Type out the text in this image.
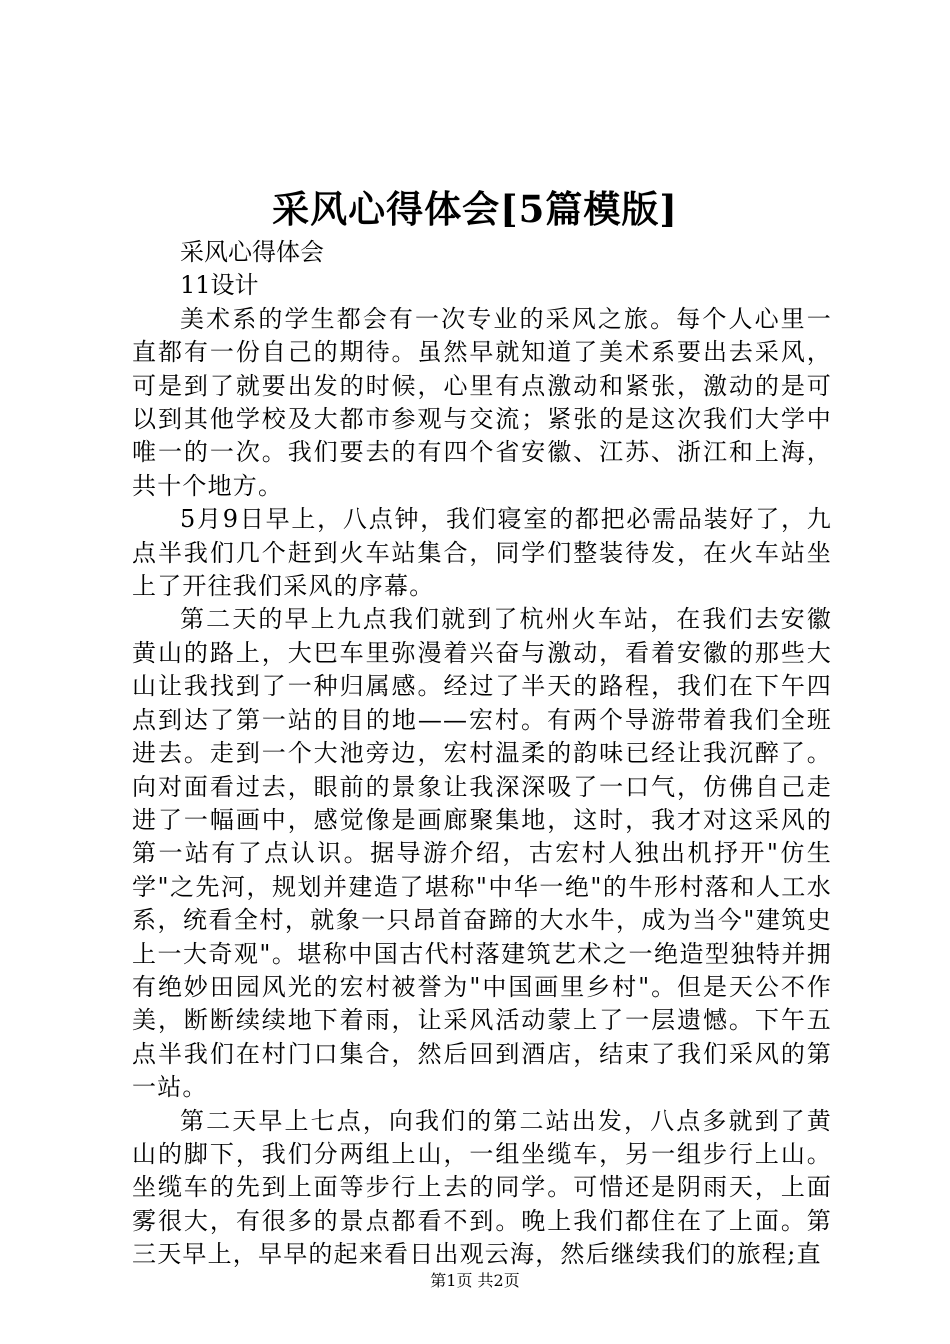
采风心得体会[5篇模版]

采风心得体会

11设计

美术系的学生都会有一次专业的采风之旅。每个人心里一直都有一份自己的期待。虽然早就知道了美术系要出去采风，可是到了就要出发的时候，心里有点激动和紧张，激动的是可以到其他学校及大都市参观与交流；紧张的是这次我们大学中唯一的一次。我们要去的有四个省安徽、江苏、浙江和上海，共十个地方。

5月9日早上，八点钟，我们寝室的都把必需品装好了，九点半我们几个赶到火车站集合，同学们整装待发，在火车站坐上了开往我们采风的序幕。

第二天的早上九点我们就到了杭州火车站，在我们去安徽黄山的路上，大巴车里弥漫着兴奋与激动，看着安徽的那些大山让我找到了一种归属感。经过了半天的路程，我们在下午四点到达了第一站的目的地——宏村。有两个导游带着我们全班进去。走到一个大池旁边，宏村温柔的韵味已经让我沉醉了。向对面看过去，眼前的景象让我深深吸了一口气，仿佛自己走进了一幅画中，感觉像是画廊聚集地，这时，我才对这采风的第一站有了点认识。据导游介绍，古宏村人独出机抒开"仿生学"之先河，规划并建造了堪称"中华一绝"的牛形村落和人工水系，统看全村，就象一只昂首奋蹄的大水牛，成为当今"建筑史上一大奇观"。堪称中国古代村落建筑艺术之一绝造型独特并拥有绝妙田园风光的宏村被誉为"中国画里乡村"。但是天公不作美，断断续续地下着雨，让采风活动蒙上了一层遗憾。下午五点半我们在村门口集合，然后回到酒店，结束了我们采风的第一站。

第二天早上七点，向我们的第二站出发，八点多就到了黄山的脚下，我们分两组上山，一组坐缆车，另一组步行上山。坐缆车的先到上面等步行上去的同学。可惜还是阴雨天，上面雾很大，有很多的景点都看不到。晚上我们都住在了上面。第三天早上，早早的起来看日出观云海，然后继续我们的旅程;直

第1页 共2页
